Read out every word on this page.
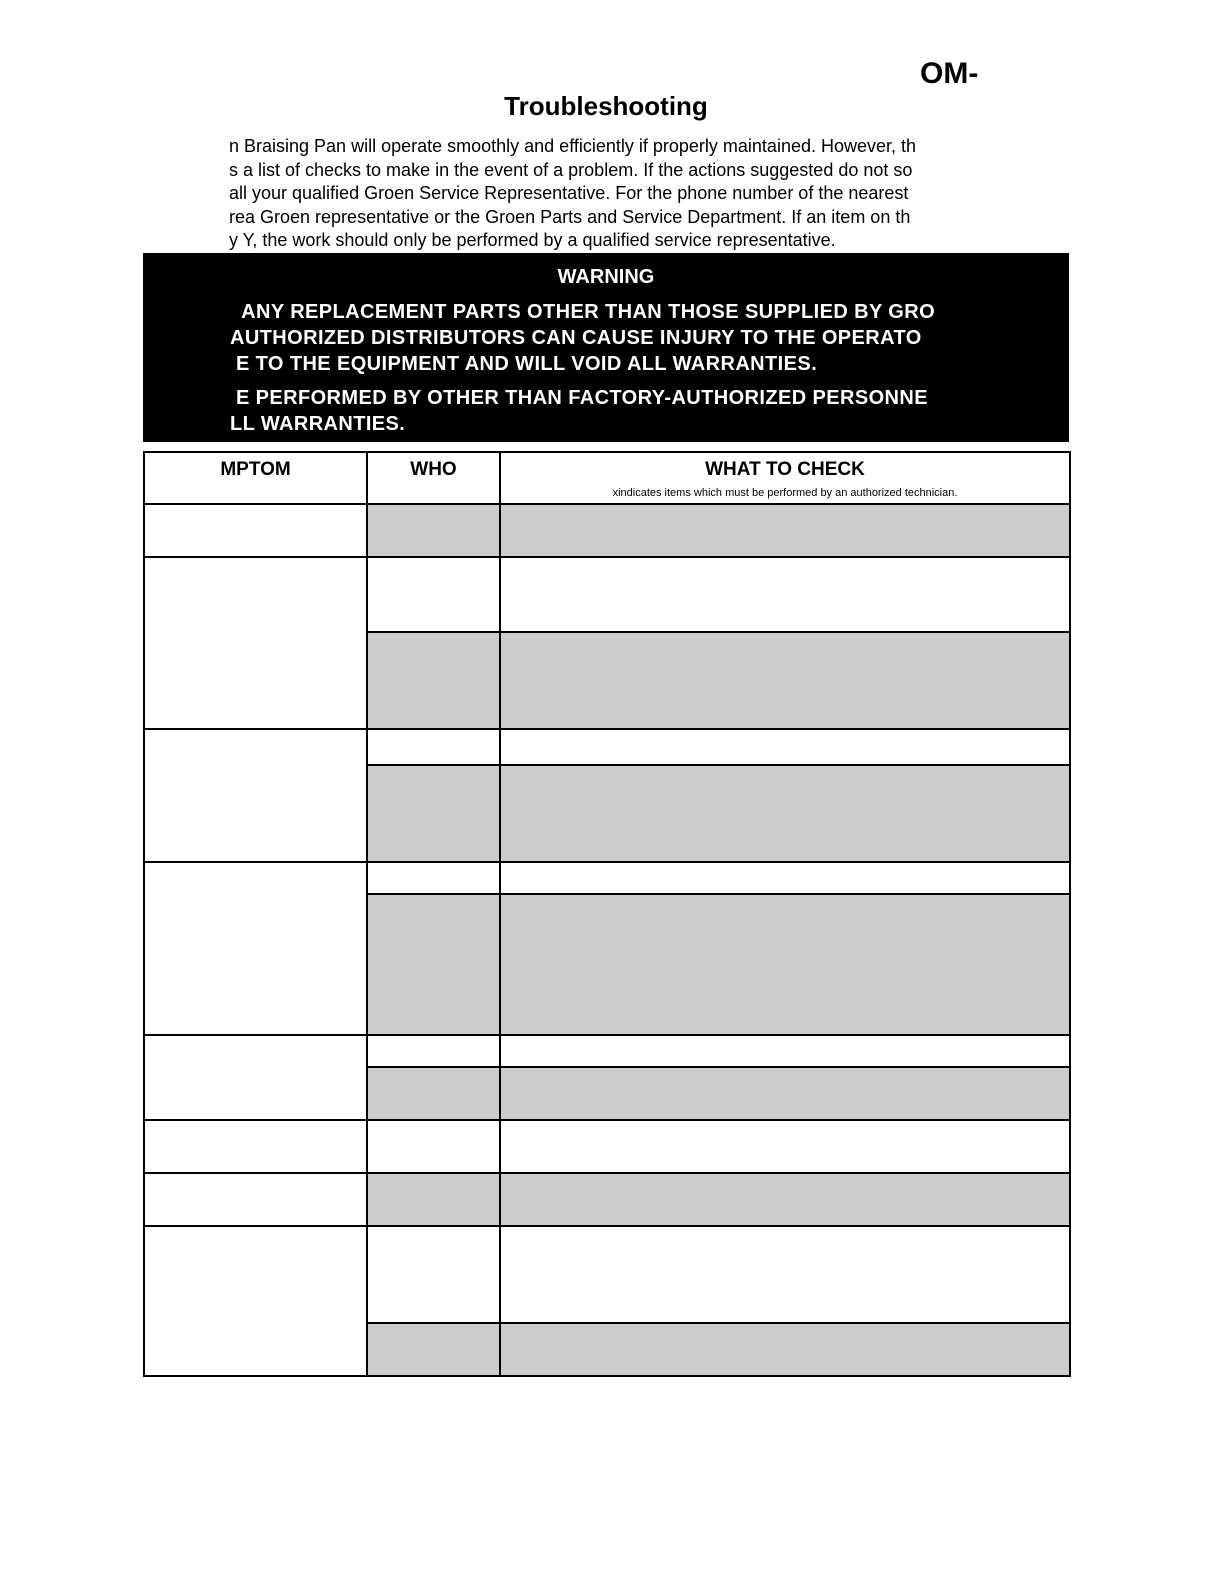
OM-
Troubleshooting
n Braising Pan will operate smoothly and efficiently if properly maintained. However, th
s a list of checks to make in the event of a problem. If the actions suggested do not so
all your qualified Groen Service Representative. For the phone number of the nearest
rea Groen representative or the Groen Parts and Service Department. If an item on th
y Y, the work should only be performed by a qualified service representative.
WARNING
ANY REPLACEMENT PARTS OTHER THAN THOSE SUPPLIED BY GRO
AUTHORIZED DISTRIBUTORS CAN CAUSE INJURY TO THE OPERATO
E TO THE EQUIPMENT AND WILL VOID ALL WARRANTIES.
E PERFORMED BY OTHER THAN FACTORY-AUTHORIZED PERSONNE
LL WARRANTIES.
MPTOM	WHO	WHAT TO CHECK
xindicates items which must be performed by an authorized technician.
